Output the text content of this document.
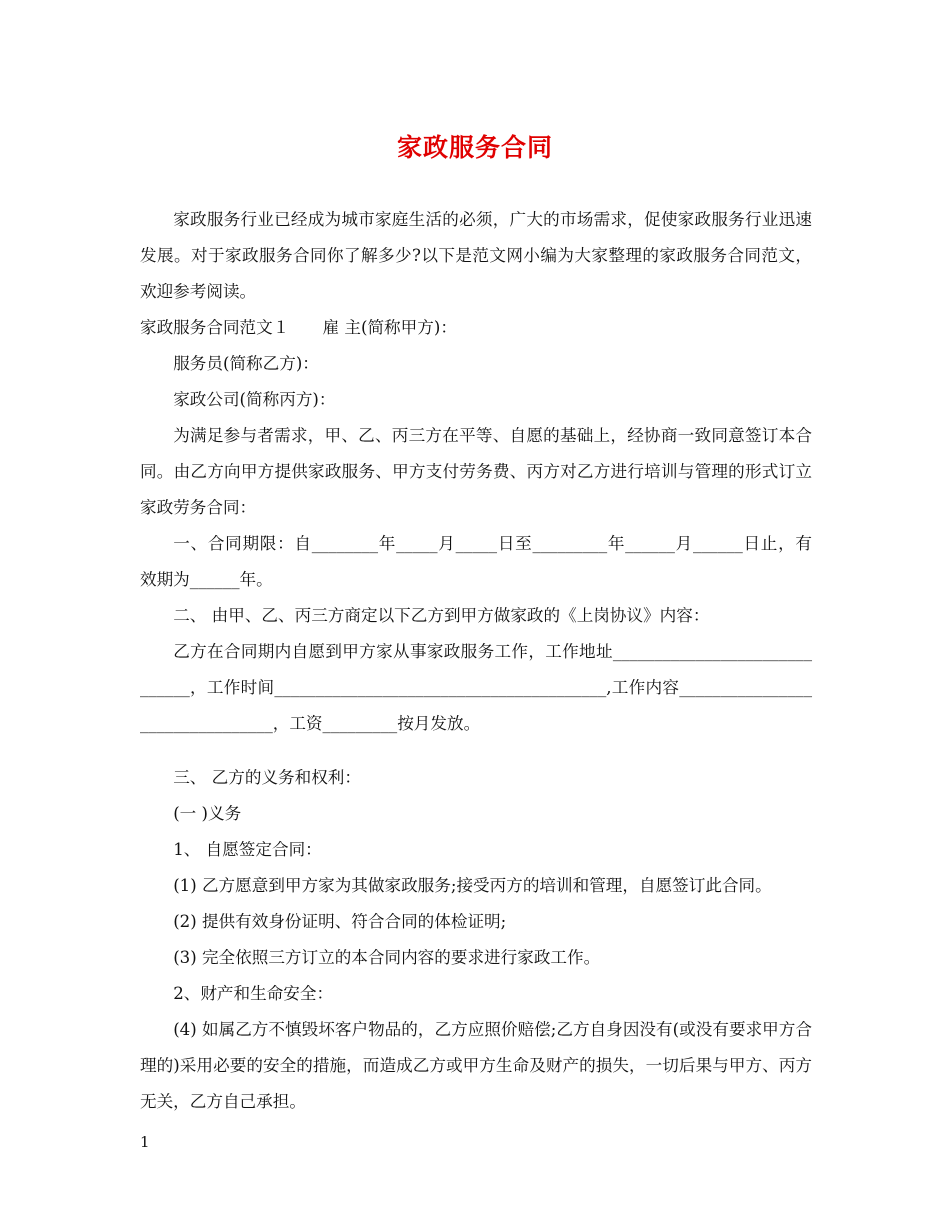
家政服务合同

家政服务行业已经成为城市家庭生活的必须，广大的市场需求，促使家政服务行业迅速发展。对于家政服务合同你了解多少?以下是范文网小编为大家整理的家政服务合同范文，欢迎参考阅读。

家政服务合同范文１　　雇 主(简称甲方)：

服务员(简称乙方)：

家政公司(简称丙方)：

为满足参与者需求，甲、乙、丙三方在平等、自愿的基础上，经协商一致同意签订本合同。由乙方向甲方提供家政服务、甲方支付劳务费、丙方对乙方进行培训与管理的形式订立家政劳务合同：

一、合同期限：自________年_____月_____日至_________年______月______日止，有效期为______年。

二、 由甲、乙、丙三方商定以下乙方到甲方做家政的《上岗协议》内容：

乙方在合同期内自愿到甲方家从事家政服务工作，工作地址______________________________，工作时间________________________________________,工作内容________________________________，工资_________按月发放。

三、 乙方的义务和权利：

(一 )义务

1、 自愿签定合同：

(1) 乙方愿意到甲方家为其做家政服务;接受丙方的培训和管理，自愿签订此合同。

(2) 提供有效身份证明、符合合同的体检证明;

(3) 完全依照三方订立的本合同内容的要求进行家政工作。

2、财产和生命安全：

(4) 如属乙方不慎毁坏客户物品的，乙方应照价赔偿;乙方自身因没有(或没有要求甲方合理的)采用必要的安全的措施，而造成乙方或甲方生命及财产的损失，一切后果与甲方、丙方无关，乙方自己承担。

1
